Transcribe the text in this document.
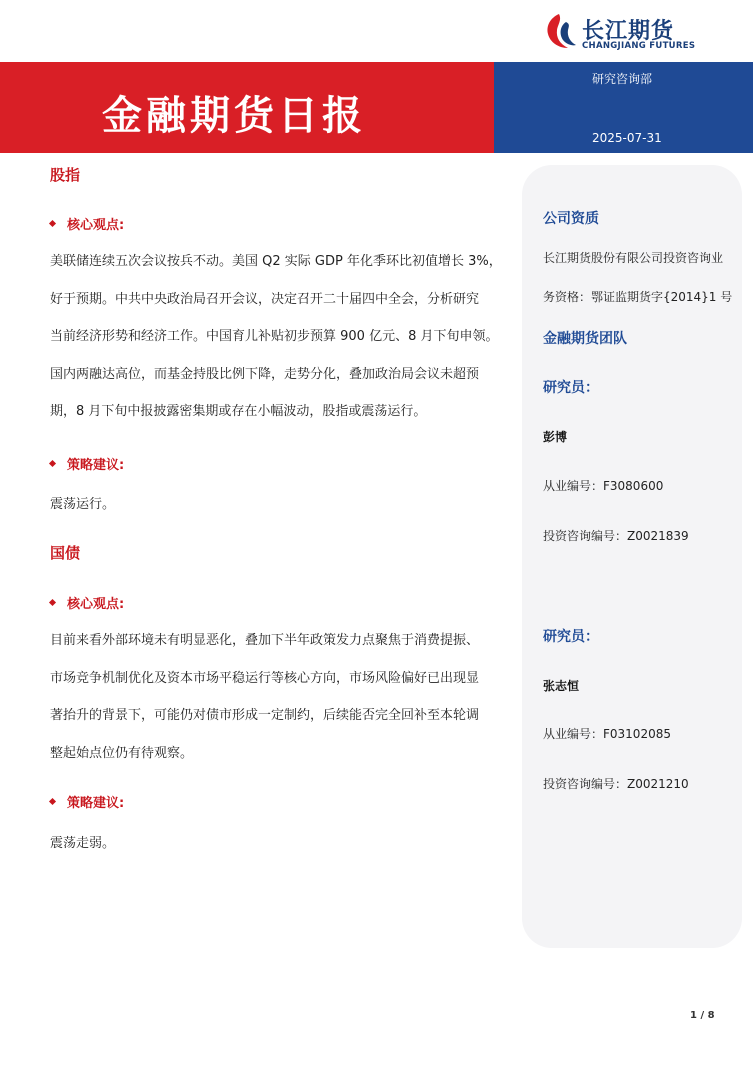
长江期货
CHANGJIANG FUTURES
金融期货日报
研究咨询部
2025-07-31
股指
核心观点:
美联储连续五次会议按兵不动。美国 Q2 实际 GDP 年化季环比初值增长 3%，
好于预期。中共中央政治局召开会议，决定召开二十届四中全会，分析研究
当前经济形势和经济工作。中国育儿补贴初步预算 900 亿元、8 月下旬申领。
国内两融达高位，而基金持股比例下降，走势分化，叠加政治局会议未超预
期，8 月下旬中报披露密集期或存在小幅波动，股指或震荡运行。
策略建议:
震荡运行。
国债
核心观点:
目前来看外部环境未有明显恶化，叠加下半年政策发力点聚焦于消费提振、
市场竞争机制优化及资本市场平稳运行等核心方向，市场风险偏好已出现显
著抬升的背景下，可能仍对债市形成一定制约，后续能否完全回补至本轮调
整起始点位仍有待观察。
策略建议:
震荡走弱。
公司资质
长江期货股份有限公司投资咨询业
务资格：鄂证监期货字{2014}1 号
金融期货团队
研究员：
彭博
从业编号：F3080600
投资咨询编号：Z0021839
研究员：
张志恒
从业编号：F03102085
投资咨询编号：Z0021210
1 / 8
